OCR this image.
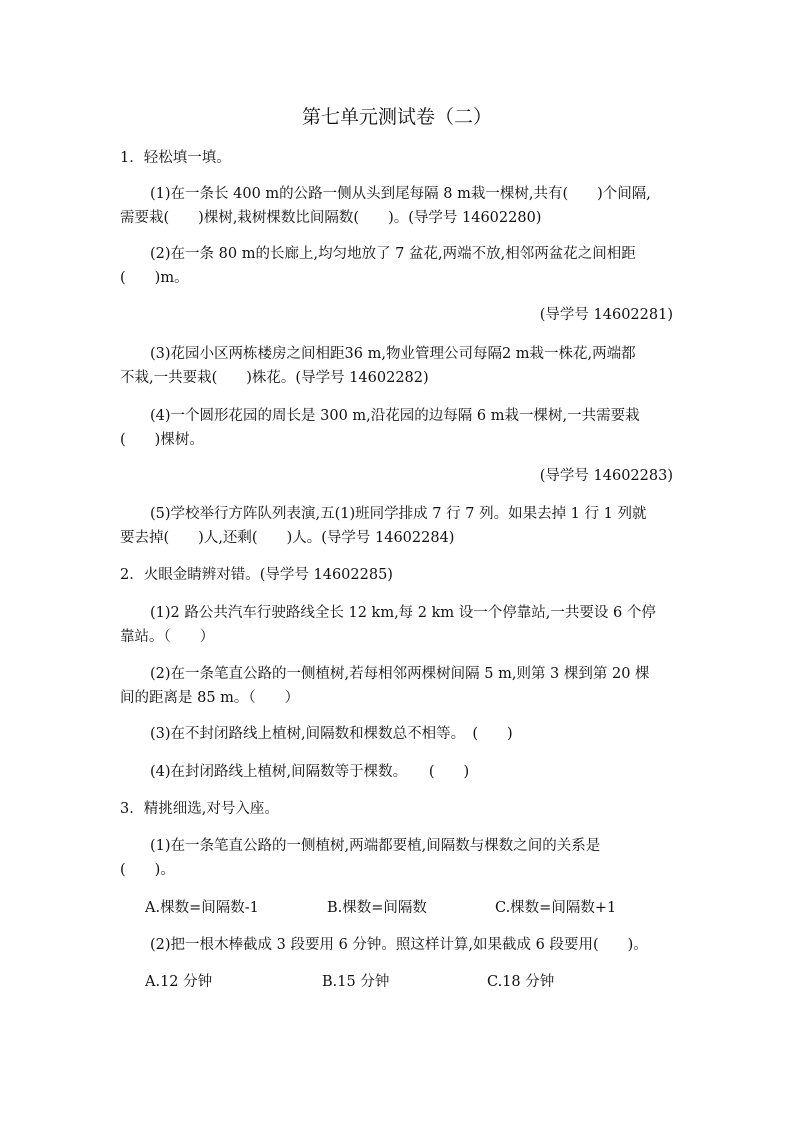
第七单元测试卷（二）
1．轻松填一填。
(1)在一条长 400 m的公路一侧从头到尾每隔 8 m栽一棵树,共有(　　)个间隔,
需要栽(　　)棵树,栽树棵数比间隔数(　　)。(导学号 14602280)
(2)在一条 80 m的长廊上,均匀地放了 7 盆花,两端不放,相邻两盆花之间相距
(　　)m。
(导学号 14602281)
(3)花园小区两栋楼房之间相距36 m,物业管理公司每隔2 m栽一株花,两端都
不栽,一共要栽(　　)株花。(导学号 14602282)
(4)一个圆形花园的周长是 300 m,沿花园的边每隔 6 m栽一棵树,一共需要栽
(　　)棵树。
(导学号 14602283)
(5)学校举行方阵队列表演,五(1)班同学排成 7 行 7 列。如果去掉 1 行 1 列就
要去掉(　　)人,还剩(　　)人。(导学号 14602284)
2．火眼金睛辨对错。(导学号 14602285)
(1)2 路公共汽车行驶路线全长 12 km,每 2 km 设一个停靠站,一共要设 6 个停
靠站。（　　）
(2)在一条笔直公路的一侧植树,若每相邻两棵树间隔 5 m,则第 3 棵到第 20 棵
间的距离是 85 m。（　　）
(3)在不封闭路线上植树,间隔数和棵数总不相等。　(　　)
(4)在封闭路线上植树,间隔数等于棵数。　　(　　)
3．精挑细选,对号入座。
(1)在一条笔直公路的一侧植树,两端都要植,间隔数与棵数之间的关系是
(　　)。
A.棵数=间隔数-1	B.棵数=间隔数	C.棵数=间隔数+1
(2)把一根木棒截成 3 段要用 6 分钟。照这样计算,如果截成 6 段要用(　　)。
A.12 分钟	B.15 分钟	C.18 分钟
